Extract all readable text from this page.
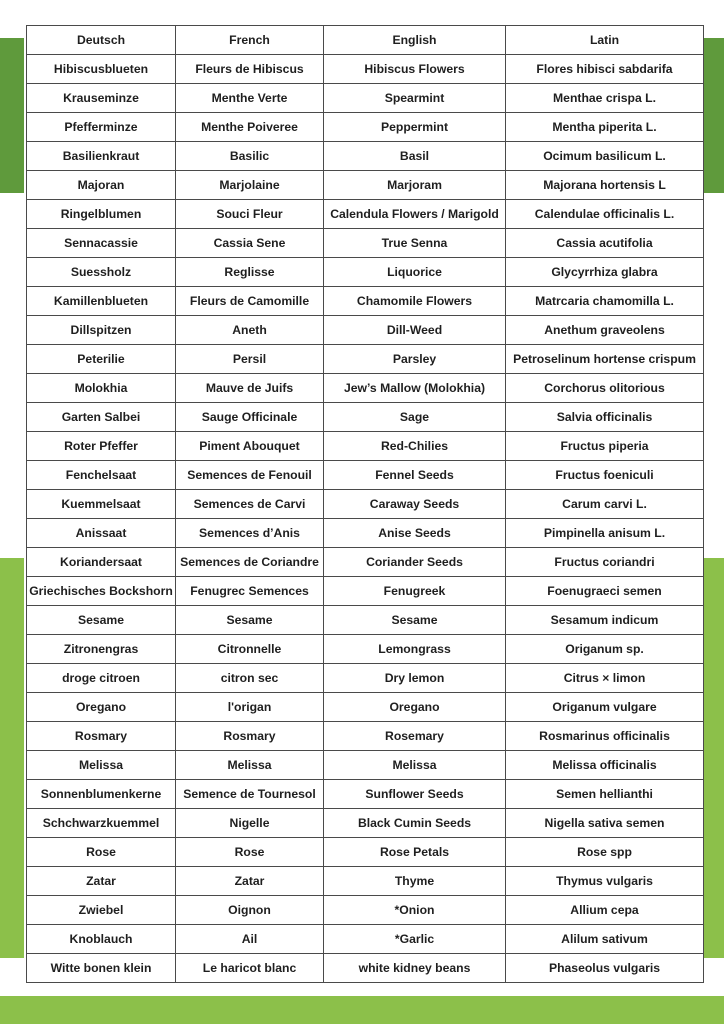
Deutsch	French	English	Latin
Hibiscusblueten	Fleurs de Hibiscus	Hibiscus Flowers	Flores hibisci sabdarifa
Krauseminze	Menthe Verte	Spearmint	Menthae crispa L.
Pfefferminze	Menthe Poiveree	Peppermint	Mentha piperita L.
Basilienkraut	Basilic	Basil	Ocimum basilicum L.
Majoran	Marjolaine	Marjoram	Majorana hortensis L
Ringelblumen	Souci Fleur	Calendula Flowers / Marigold	Calendulae officinalis L.
Sennacassie	Cassia Sene	True Senna	Cassia acutifolia
Suessholz	Reglisse	Liquorice	Glycyrrhiza glabra
Kamillenblueten	Fleurs de Camomille	Chamomile Flowers	Matrcaria chamomilla L.
Dillspitzen	Aneth	Dill-Weed	Anethum graveolens
Peterilie	Persil	Parsley	Petroselinum hortense crispum
Molokhia	Mauve de Juifs	Jew’s Mallow (Molokhia)	Corchorus olitorious
Garten Salbei	Sauge Officinale	Sage	Salvia officinalis
Roter Pfeffer	Piment Abouquet	Red-Chilies	Fructus piperia
Fenchelsaat	Semences de Fenouil	Fennel Seeds	Fructus foeniculi
Kuemmelsaat	Semences de Carvi	Caraway Seeds	Carum carvi L.
Anissaat	Semences d’Anis	Anise Seeds	Pimpinella anisum L.
Koriandersaat	Semences de Coriandre	Coriander Seeds	Fructus coriandri
Griechisches Bockshorn	Fenugrec Semences	Fenugreek	Foenugraeci semen
Sesame	Sesame	Sesame	Sesamum indicum
Zitronengras	Citronnelle	Lemongrass	Origanum sp.
droge citroen	citron sec	Dry lemon	Citrus × limon
Oregano	l'origan	Oregano	Origanum vulgare
Rosmary	Rosmary	Rosemary	Rosmarinus officinalis
Melissa	Melissa	Melissa	Melissa officinalis
Sonnenblumenkerne	Semence de Tournesol	Sunflower Seeds	Semen hellianthi
Schchwarzkuemmel	Nigelle	Black Cumin Seeds	Nigella sativa semen
Rose	Rose	Rose Petals	Rose spp
Zatar	Zatar	Thyme	Thymus vulgaris
Zwiebel	Oignon	*Onion	Allium cepa
Knoblauch	Ail	*Garlic	Alilum sativum
Witte bonen klein	Le haricot blanc	white kidney beans	Phaseolus vulgaris
